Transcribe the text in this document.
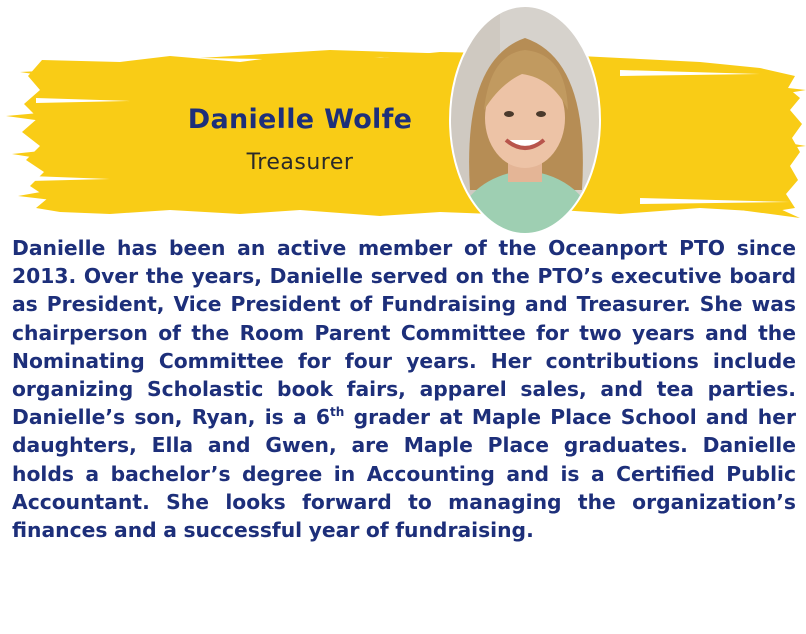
Danielle Wolfe
Treasurer

Danielle has been an active member of the Oceanport PTO since 2013. Over the years, Danielle served on the PTO’s executive board as President, Vice President of Fundraising and Treasurer. She was chairperson of the Room Parent Committee for two years and the Nominating Committee for four years. Her contributions include organizing Scholastic book fairs, apparel sales, and tea parties. Danielle’s son, Ryan, is a 6th grader at Maple Place School and her daughters, Ella and Gwen, are Maple Place graduates. Danielle holds a bachelor’s degree in Accounting and is a Certified Public Accountant. She looks forward to managing the organization’s finances and a successful year of fundraising.
